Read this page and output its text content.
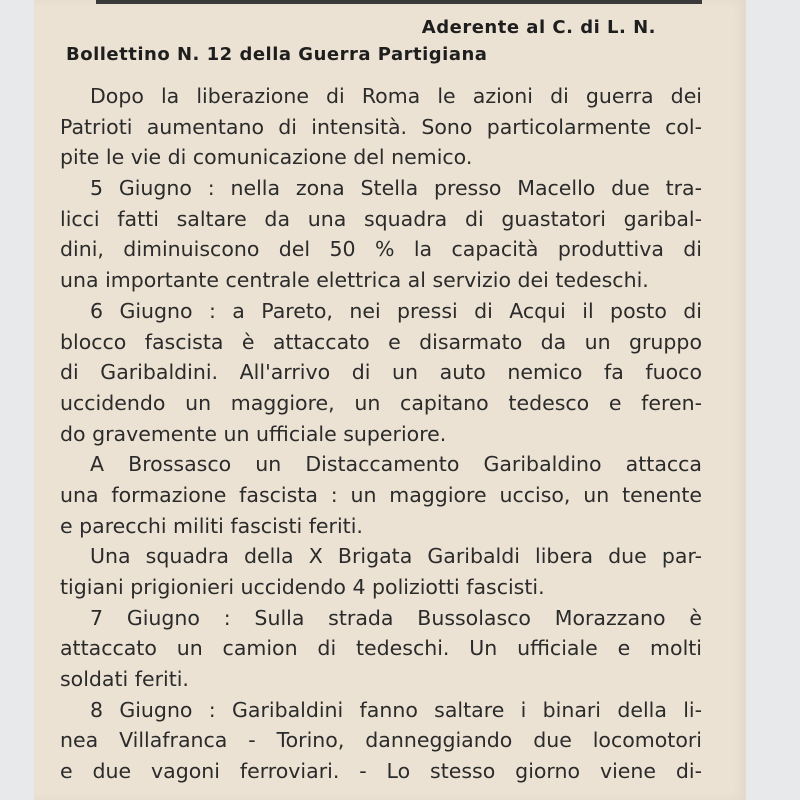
Aderente al C. di L. N.
Bollettino N. 12 della Guerra Partigiana
Dopo la liberazione di Roma le azioni di guerra dei
Patrioti aumentano di intensità. Sono particolarmente col-
pite le vie di comunicazione del nemico.
5 Giugno : nella zona Stella presso Macello due tra-
licci fatti saltare da una squadra di guastatori garibal-
dini, diminuiscono del 50 % la capacità produttiva di
una importante centrale elettrica al servizio dei tedeschi.
6 Giugno : a Pareto, nei pressi di Acqui il posto di
blocco fascista è attaccato e disarmato da un gruppo
di Garibaldini. All'arrivo di un auto nemico fa fuoco
uccidendo un maggiore, un capitano tedesco e feren-
do gravemente un ufficiale superiore.
A Brossasco un Distaccamento Garibaldino attacca
una formazione fascista : un maggiore ucciso, un tenente
e parecchi militi fascisti feriti.
Una squadra della X Brigata Garibaldi libera due par-
tigiani prigionieri uccidendo 4 poliziotti fascisti.
7 Giugno : Sulla strada Bussolasco Morazzano è
attaccato un camion di tedeschi. Un ufficiale e molti
soldati feriti.
8 Giugno : Garibaldini fanno saltare i binari della li-
nea Villafranca - Torino, danneggiando due locomotori
e due vagoni ferroviari. - Lo stesso giorno viene di-
